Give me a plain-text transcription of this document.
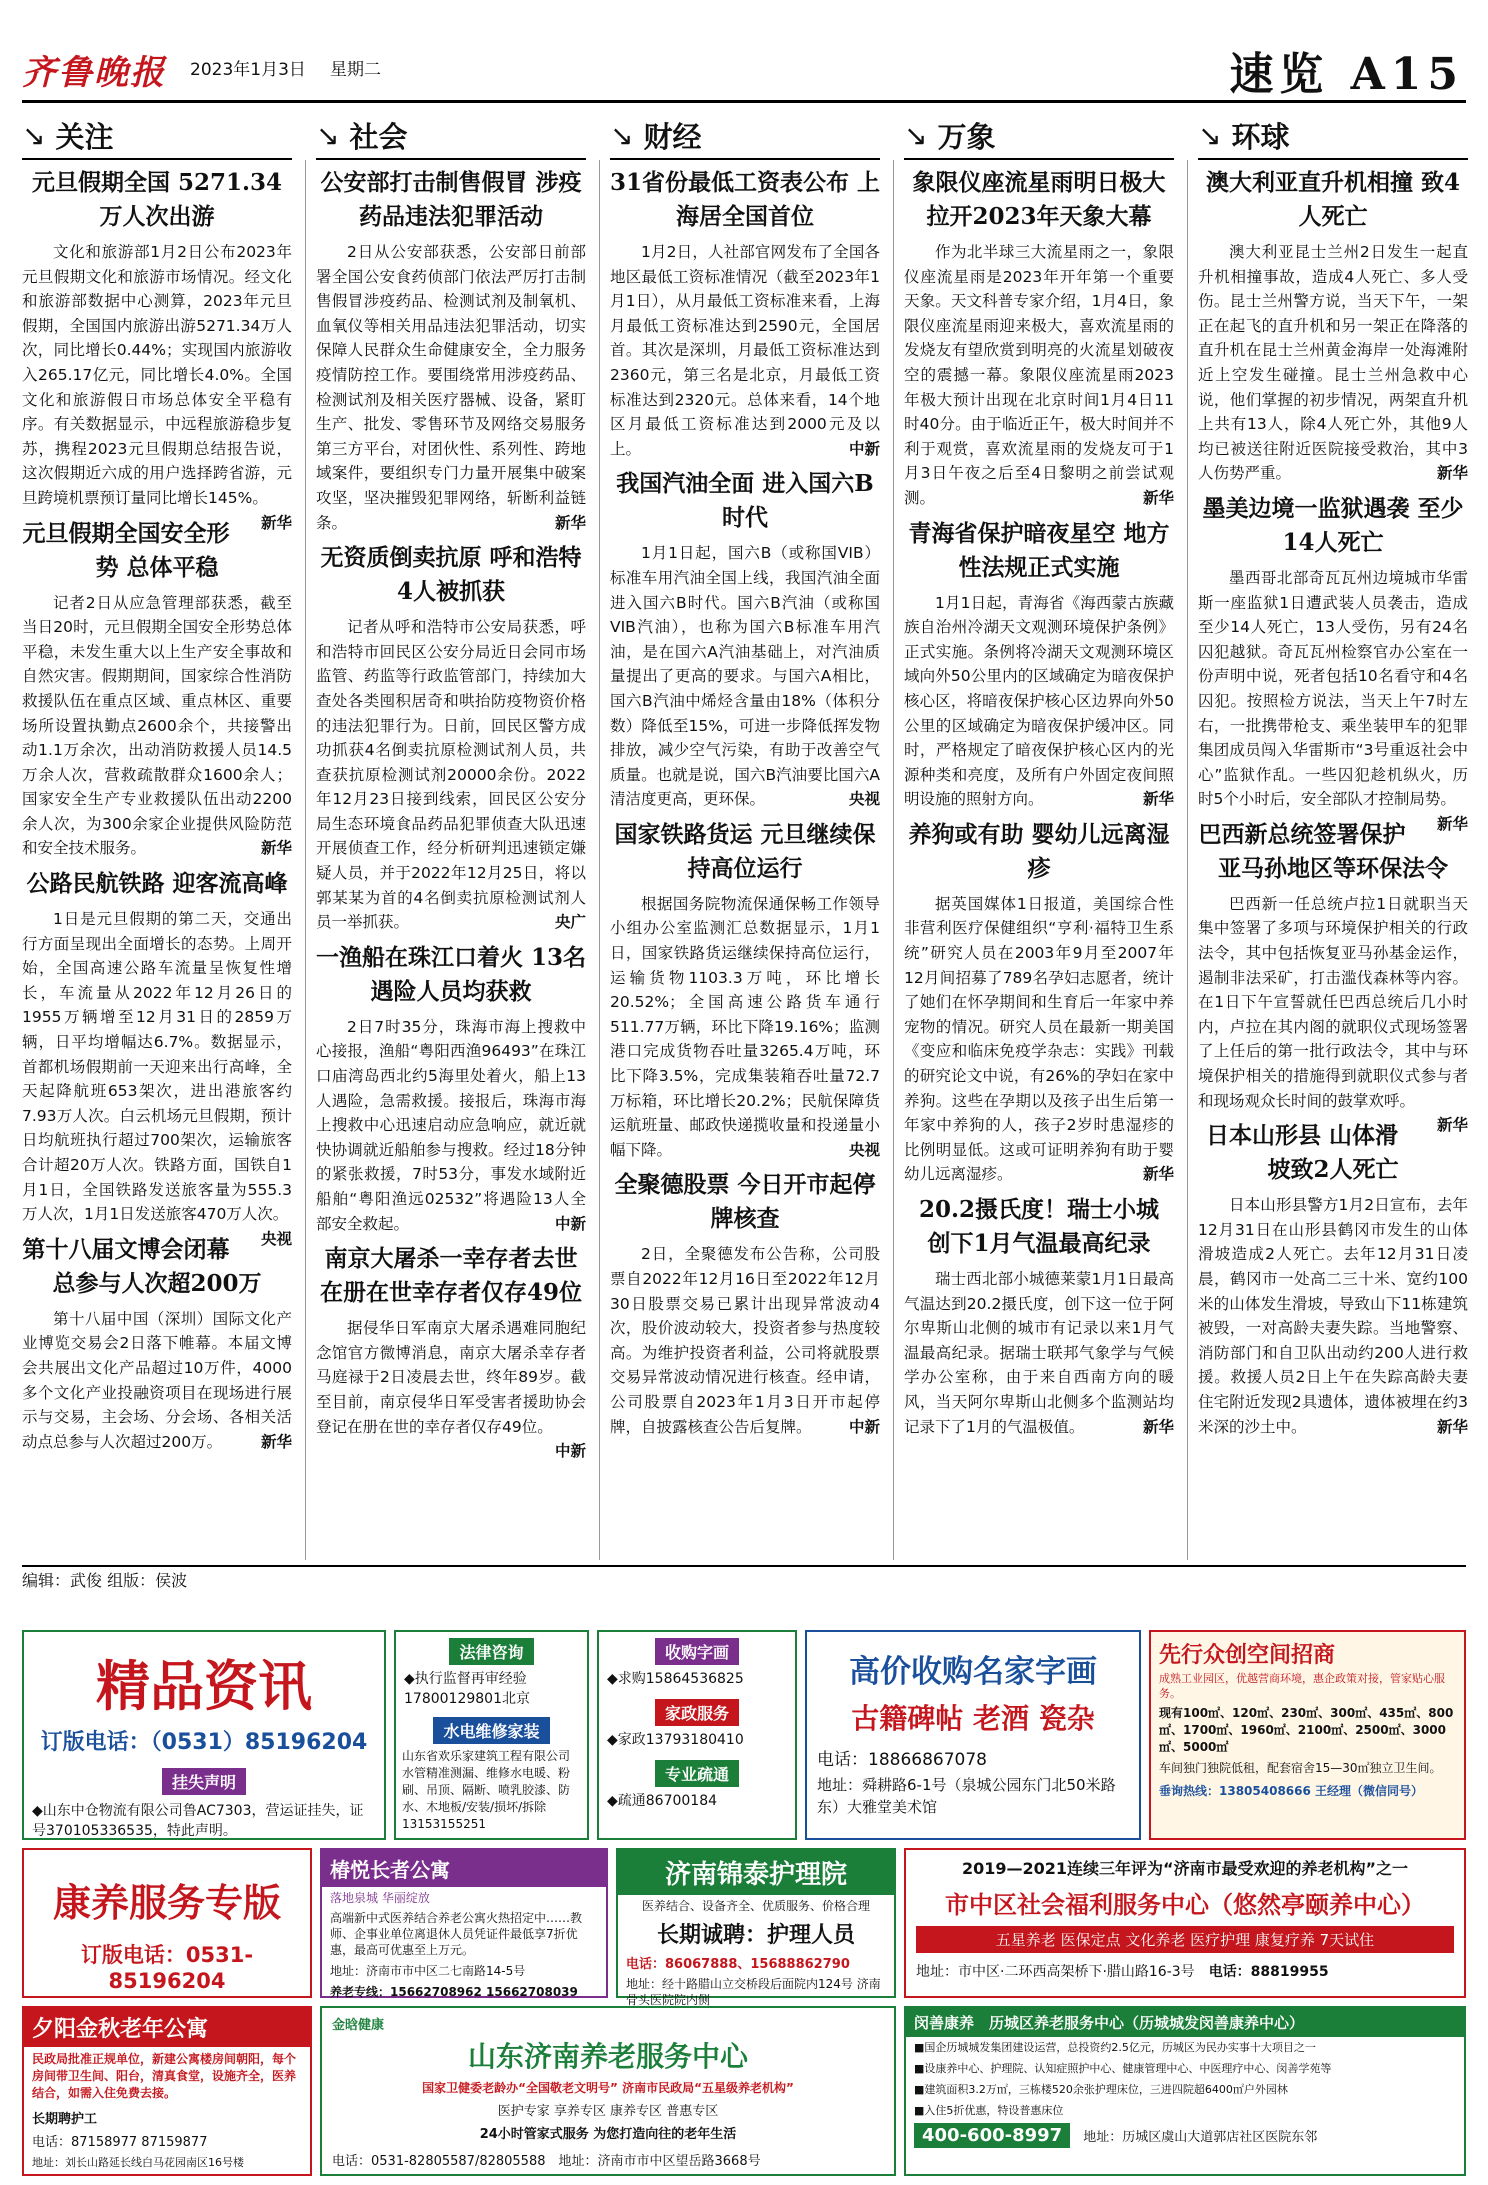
齐鲁晚报 2023年1月3日 星期二	速览 A15
↘ 关注
元旦假期全国 5271.34万人次出游

文化和旅游部1月2日公布2023年元旦假期文化和旅游市场情况。经文化和旅游部数据中心测算，2023年元旦假期，全国国内旅游出游5271.34万人次，同比增长0.44%；实现国内旅游收入265.17亿元，同比增长4.0%。全国文化和旅游假日市场总体安全平稳有序。有关数据显示，中远程旅游稳步复苏，携程2023元旦假期总结报告说，这次假期近六成的用户选择跨省游，元旦跨境机票预订量同比增长145%。
新华

元旦假期全国安全形势 总体平稳

记者2日从应急管理部获悉，截至当日20时，元旦假期全国安全形势总体平稳，未发生重大以上生产安全事故和自然灾害。假期期间，国家综合性消防救援队伍在重点区域、重点林区、重要场所设置执勤点2600余个，共接警出动1.1万余次，出动消防救援人员14.5万余人次，营救疏散群众1600余人；国家安全生产专业救援队伍出动2200余人次，为300余家企业提供风险防范和安全技术服务。	新华

公路民航铁路 迎客流高峰

1日是元旦假期的第二天，交通出行方面呈现出全面增长的态势。上周开始，全国高速公路车流量呈恢复性增长，车流量从2022年12月26日的1955万辆增至12月31日的2859万辆，日平均增幅达6.7%。数据显示，首都机场假期前一天迎来出行高峰，全天起降航班653架次，进出港旅客约7.93万人次。白云机场元旦假期，预计日均航班执行超过700架次，运输旅客合计超20万人次。铁路方面，国铁自1月1日，全国铁路发送旅客量为555.3万人次，1月1日发送旅客470万人次。
央视

第十八届文博会闭幕 总参与人次超200万

第十八届中国（深圳）国际文化产业博览交易会2日落下帷幕。本届文博会共展出文化产品超过10万件，4000多个文化产业投融资项目在现场进行展示与交易，主会场、分会场、各相关活动点总参与人次超过200万。	新华

↘ 社会
公安部打击制售假冒 涉疫药品违法犯罪活动

2日从公安部获悉，公安部日前部署全国公安食药侦部门依法严厉打击制售假冒涉疫药品、检测试剂及制氧机、血氧仪等相关用品违法犯罪活动，切实保障人民群众生命健康安全，全力服务疫情防控工作。要围绕常用涉疫药品、检测试剂及相关医疗器械、设备，紧盯生产、批发、零售环节及网络交易服务第三方平台，对团伙性、系列性、跨地域案件，要组织专门力量开展集中破案攻坚，坚决摧毁犯罪网络，斩断利益链条。	新华

无资质倒卖抗原 呼和浩特4人被抓获

记者从呼和浩特市公安局获悉，呼和浩特市回民区公安分局近日会同市场监管、药监等行政监管部门，持续加大查处各类囤积居奇和哄抬防疫物资价格的违法犯罪行为。日前，回民区警方成功抓获4名倒卖抗原检测试剂人员，共查获抗原检测试剂20000余份。2022年12月23日接到线索，回民区公安分局生态环境食品药品犯罪侦查大队迅速开展侦查工作，经分析研判迅速锁定嫌疑人员，并于2022年12月25日，将以郭某某为首的4名倒卖抗原检测试剂人员一举抓获。	央广

一渔船在珠江口着火 13名遇险人员均获救

2日7时35分，珠海市海上搜救中心接报，渔船“粤阳西渔96493”在珠江口庙湾岛西北约5海里处着火，船上13人遇险，急需救援。接报后，珠海市海上搜救中心迅速启动应急响应，就近就快协调就近船舶参与搜救。经过18分钟的紧张救援，7时53分，事发水域附近船舶“粤阳渔远02532”将遇险13人全部安全救起。	中新

南京大屠杀一幸存者去世 在册在世幸存者仅存49位

据侵华日军南京大屠杀遇难同胞纪念馆官方微博消息，南京大屠杀幸存者马庭禄于2日凌晨去世，终年89岁。截至目前，南京侵华日军受害者援助协会登记在册在世的幸存者仅存49位。
中新

↘ 财经
31省份最低工资表公布 上海居全国首位

1月2日，人社部官网发布了全国各地区最低工资标准情况（截至2023年1月1日），从月最低工资标准来看，上海月最低工资标准达到2590元，全国居首。其次是深圳，月最低工资标准达到2360元，第三名是北京，月最低工资标准达到2320元。总体来看，14个地区月最低工资标准达到2000元及以上。	中新

我国汽油全面 进入国六B时代

1月1日起，国六B（或称国VIB）标准车用汽油全国上线，我国汽油全面进入国六B时代。国六B汽油（或称国VIB汽油），也称为国六B标准车用汽油，是在国六A汽油基础上，对汽油质量提出了更高的要求。与国六A相比，国六B汽油中烯烃含量由18%（体积分数）降低至15%，可进一步降低挥发物排放，减少空气污染，有助于改善空气质量。也就是说，国六B汽油要比国六A清洁度更高，更环保。	央视

国家铁路货运 元旦继续保持高位运行

根据国务院物流保通保畅工作领导小组办公室监测汇总数据显示，1月1日，国家铁路货运继续保持高位运行，运输货物1103.3万吨，环比增长20.52%；全国高速公路货车通行511.77万辆，环比下降19.16%；监测港口完成货物吞吐量3265.4万吨，环比下降3.5%，完成集装箱吞吐量72.7万标箱，环比增长20.2%；民航保障货运航班量、邮政快递揽收量和投递量小幅下降。	央视

全聚德股票 今日开市起停牌核查

2日，全聚德发布公告称，公司股票自2022年12月16日至2022年12月30日股票交易已累计出现异常波动4次，股价波动较大，投资者参与热度较高。为维护投资者利益，公司将就股票交易异常波动情况进行核查。经申请，公司股票自2023年1月3日开市起停牌，自披露核查公告后复牌。	中新

↘ 万象
象限仪座流星雨明日极大 拉开2023年天象大幕

作为北半球三大流星雨之一，象限仪座流星雨是2023年开年第一个重要天象。天文科普专家介绍，1月4日，象限仪座流星雨迎来极大，喜欢流星雨的发烧友有望欣赏到明亮的火流星划破夜空的震撼一幕。象限仪座流星雨2023年极大预计出现在北京时间1月4日11时40分。由于临近正午，极大时间并不利于观赏，喜欢流星雨的发烧友可于1月3日午夜之后至4日黎明之前尝试观测。	新华

青海省保护暗夜星空 地方性法规正式实施

1月1日起，青海省《海西蒙古族藏族自治州冷湖天文观测环境保护条例》正式实施。条例将冷湖天文观测环境区域向外50公里内的区域确定为暗夜保护核心区，将暗夜保护核心区边界向外50公里的区域确定为暗夜保护缓冲区。同时，严格规定了暗夜保护核心区内的光源种类和亮度，及所有户外固定夜间照明设施的照射方向。	新华

养狗或有助 婴幼儿远离湿疹

据英国媒体1日报道，美国综合性非营利医疗保健组织“亨利·福特卫生系统”研究人员在2003年9月至2007年12月间招募了789名孕妇志愿者，统计了她们在怀孕期间和生育后一年家中养宠物的情况。研究人员在最新一期美国《变应和临床免疫学杂志：实践》刊载的研究论文中说，有26%的孕妇在家中养狗。这些在孕期以及孩子出生后第一年家中养狗的人，孩子2岁时患湿疹的比例明显低。这或可证明养狗有助于婴幼儿远离湿疹。	新华

20.2摄氏度！瑞士小城 创下1月气温最高纪录

瑞士西北部小城德莱蒙1月1日最高气温达到20.2摄氏度，创下这一位于阿尔卑斯山北侧的城市有记录以来1月气温最高纪录。据瑞士联邦气象学与气候学办公室称，由于来自西南方向的暖风，当天阿尔卑斯山北侧多个监测站均记录下了1月的气温极值。	新华

↘ 环球
澳大利亚直升机相撞 致4人死亡

澳大利亚昆士兰州2日发生一起直升机相撞事故，造成4人死亡、多人受伤。昆士兰州警方说，当天下午，一架正在起飞的直升机和另一架正在降落的直升机在昆士兰州黄金海岸一处海滩附近上空发生碰撞。昆士兰州急救中心说，他们掌握的初步情况，两架直升机上共有13人，除4人死亡外，其他9人均已被送往附近医院接受救治，其中3人伤势严重。	新华

墨美边境一监狱遇袭 至少14人死亡

墨西哥北部奇瓦瓦州边境城市华雷斯一座监狱1日遭武装人员袭击，造成至少14人死亡，13人受伤，另有24名囚犯越狱。奇瓦瓦州检察官办公室在一份声明中说，死者包括10名看守和4名囚犯。按照检方说法，当天上午7时左右，一批携带枪支、乘坐装甲车的犯罪集团成员闯入华雷斯市“3号重返社会中心”监狱作乱。一些囚犯趁机纵火，历时5个小时后，安全部队才控制局势。
新华

巴西新总统签署保护 亚马孙地区等环保法令

巴西新一任总统卢拉1日就职当天集中签署了多项与环境保护相关的行政法令，其中包括恢复亚马孙基金运作，遏制非法采矿，打击滥伐森林等内容。在1日下午宣誓就任巴西总统后几小时内，卢拉在其内阁的就职仪式现场签署了上任后的第一批行政法令，其中与环境保护相关的措施得到就职仪式参与者和现场观众长时间的鼓掌欢呼。
新华

日本山形县 山体滑坡致2人死亡

日本山形县警方1月2日宣布，去年12月31日在山形县鹤冈市发生的山体滑坡造成2人死亡。去年12月31日凌晨，鹤冈市一处高二三十米、宽约100米的山体发生滑坡，导致山下11栋建筑被毁，一对高龄夫妻失踪。当地警察、消防部门和自卫队出动约200人进行救援。救援人员2日上午在失踪高龄夫妻住宅附近发现2具遗体，遗体被埋在约3米深的沙土中。	新华

编辑：武俊 组版：侯波
精品资讯
订版电话：（0531）85196204
挂失声明
◆山东中仓物流有限公司鲁AC7303，营运证挂失，证号370105336535，特此声明。
法律咨询
◆执行监督再审经验 17800129801北京
水电维修家装
山东省欢乐家建筑工程有限公司 水管精准测漏、维修水电暖、粉刷、吊顶、隔断、喷乳胶漆、防水、木地板/安装/损坏/拆除 13153155251
收购字画
◆求购15864536825
家政服务
◆家政13793180410
专业疏通
◆疏通86700184
高价收购名家字画
古籍碑帖 老酒 瓷杂
电话：18866867078
地址：舜耕路6-1号（泉城公园东门北50米路东）大雅堂美术馆
先行众创空间招商
成熟工业园区，优越营商环境，惠企政策对接，管家贴心服务。
现有100㎡、120㎡、230㎡、300㎡、435㎡、800㎡、1700㎡、1960㎡、2100㎡、2500㎡、3000㎡、5000㎡
车间独门独院低租，配套宿舍15—30㎡独立卫生间。
垂询热线：13805408666 王经理（微信同号）
康养服务专版
订版电话：0531-85196204
椿悦长者公寓
落地泉城 华丽绽放
高端新中式医养结合养老公寓火热招定中……教师、企事业单位离退休人员凭证件最低享7折优惠，最高可优惠至上万元。
地址：济南市市中区二七南路14-5号
养老专线：15662708962 15662708039
济南锦泰护理院
医养结合、设备齐全、优质服务、价格合理
长期诚聘：护理人员
电话：86067888、15688862790
地址：经十路腊山立交桥段后面院内124号 济南骨头医院院内侧
2019—2021连续三年评为“济南市最受欢迎的养老机构”之一
市中区社会福利服务中心（悠然亭颐养中心）
五星养老 医保定点 文化养老 医疗护理 康复疗养 7天试住
地址：市中区·二环西高架桥下·腊山路16-3号　 电话：88819955
夕阳金秋老年公寓
民政局批准正规单位，新建公寓楼房间朝阳，每个房间带卫生间、阳台，清真食堂，设施齐全，医养结合，如需入住免费去接。
长期聘护工
电话：87158977 87159877
地址：刘长山路延长线白马花园南区16号楼
金晗健康
山东济南养老服务中心
国家卫健委老龄办“全国敬老文明号” 济南市民政局“五星级养老机构”
医护专家 享养专区 康养专区 普惠专区
24小时管家式服务 为您打造向往的老年生活
电话：0531-82805587/82805588　 地址：济南市市中区望岳路3668号
闵善康养　 历城区养老服务中心（历城城发闵善康养中心）
■国企历城城发集团建设运营，总投资约2.5亿元，历城区为民办实事十大项目之一
■设康养中心、护理院、认知症照护中心、健康管理中心、中医理疗中心、闵善学苑等
■建筑面积3.2万㎡，三栋楼520余张护理床位，三进四院超6400㎡户外园林
■入住5折优惠，特设普惠床位
400-600-8997　 地址：历城区虞山大道郭店社区医院东邻
